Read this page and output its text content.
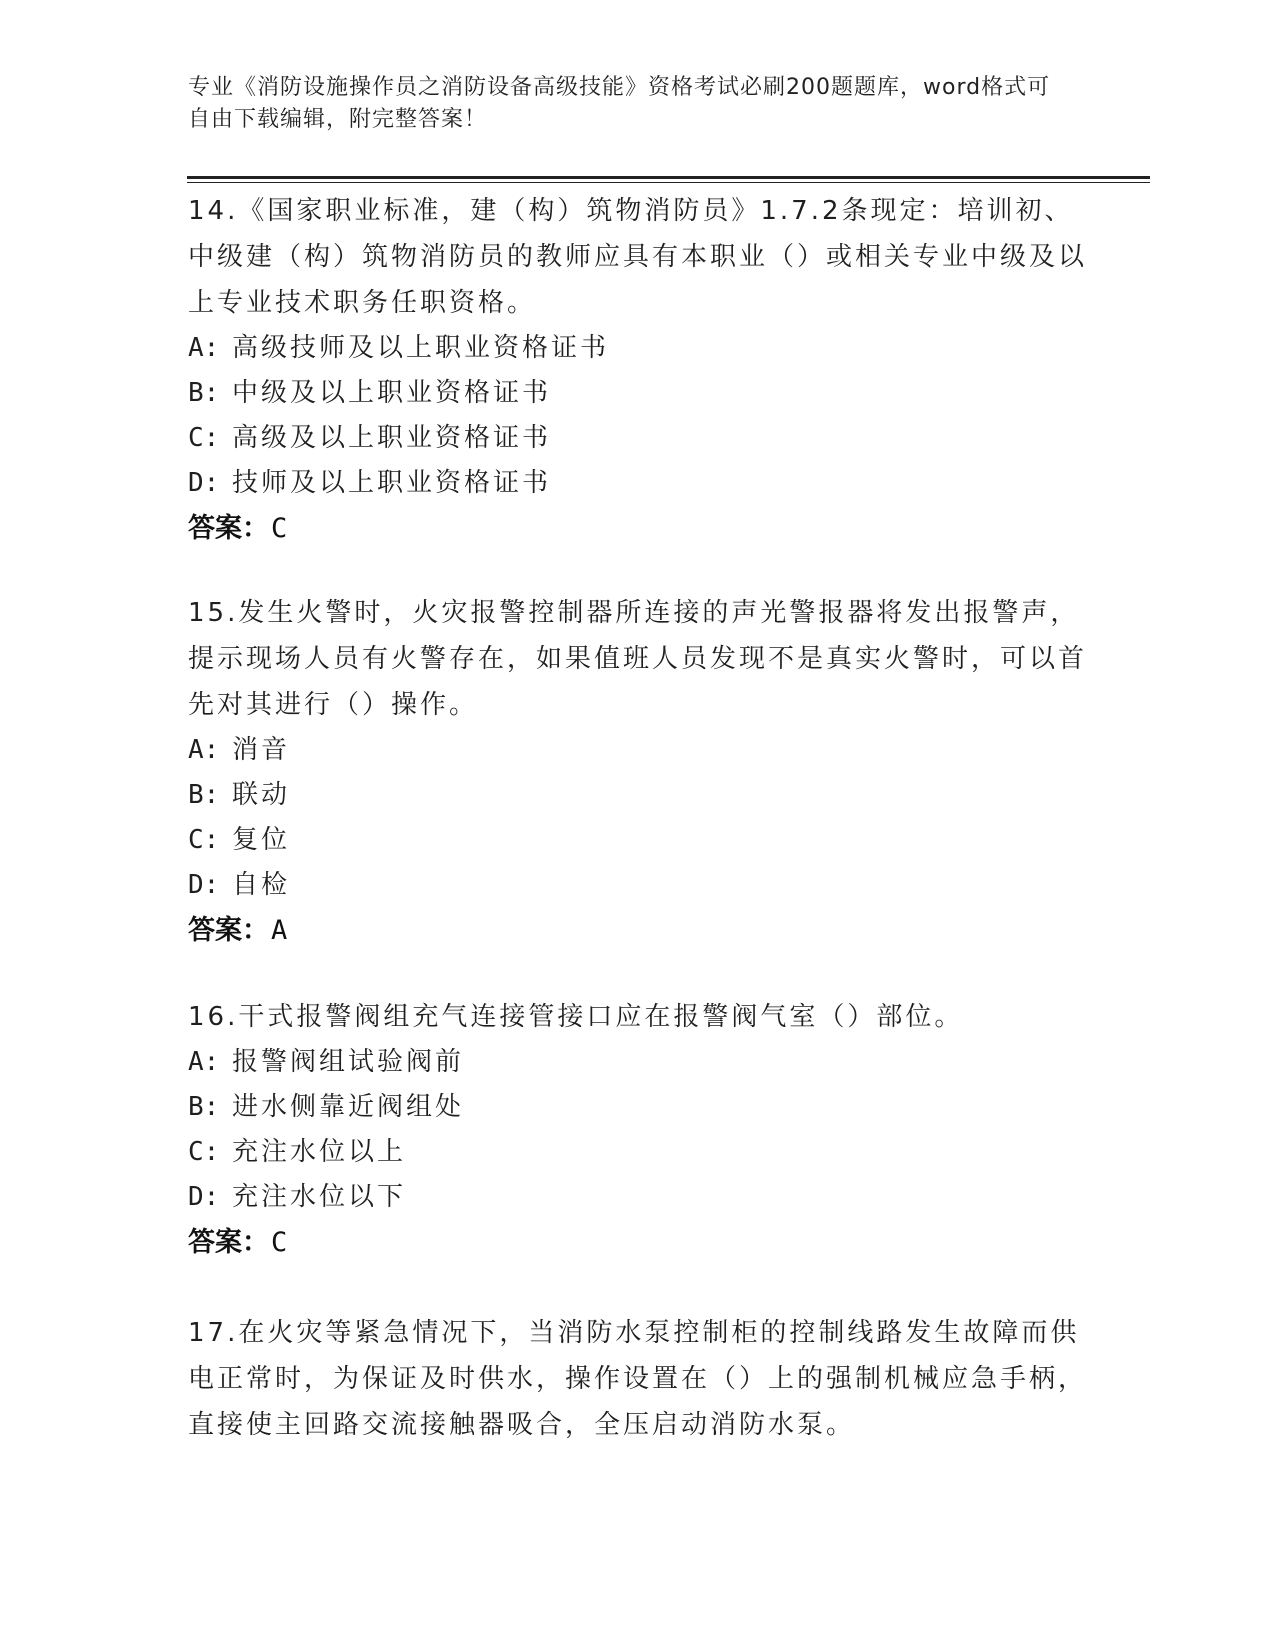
专业《消防设施操作员之消防设备高级技能》资格考试必刷200题题库，word格式可自由下载编辑，附完整答案！

14.《国家职业标准，建（构）筑物消防员》1.7.2条现定：培训初、中级建（构）筑物消防员的教师应具有本职业（）或相关专业中级及以上专业技术职务任职资格。

A: 高级技师及以上职业资格证书

B: 中级及以上职业资格证书

C: 高级及以上职业资格证书

D: 技师及以上职业资格证书

答案：C

15.发生火警时，火灾报警控制器所连接的声光警报器将发出报警声，提示现场人员有火警存在，如果值班人员发现不是真实火警时，可以首先对其进行（）操作。

A: 消音

B: 联动

C: 复位

D: 自检

答案：A

16.干式报警阀组充气连接管接口应在报警阀气室（）部位。

A: 报警阀组试验阀前

B: 进水侧靠近阀组处

C: 充注水位以上

D: 充注水位以下

答案：C

17.在火灾等紧急情况下，当消防水泵控制柜的控制线路发生故障而供电正常时，为保证及时供水，操作设置在（）上的强制机械应急手柄，直接使主回路交流接触器吸合，全压启动消防水泵。
